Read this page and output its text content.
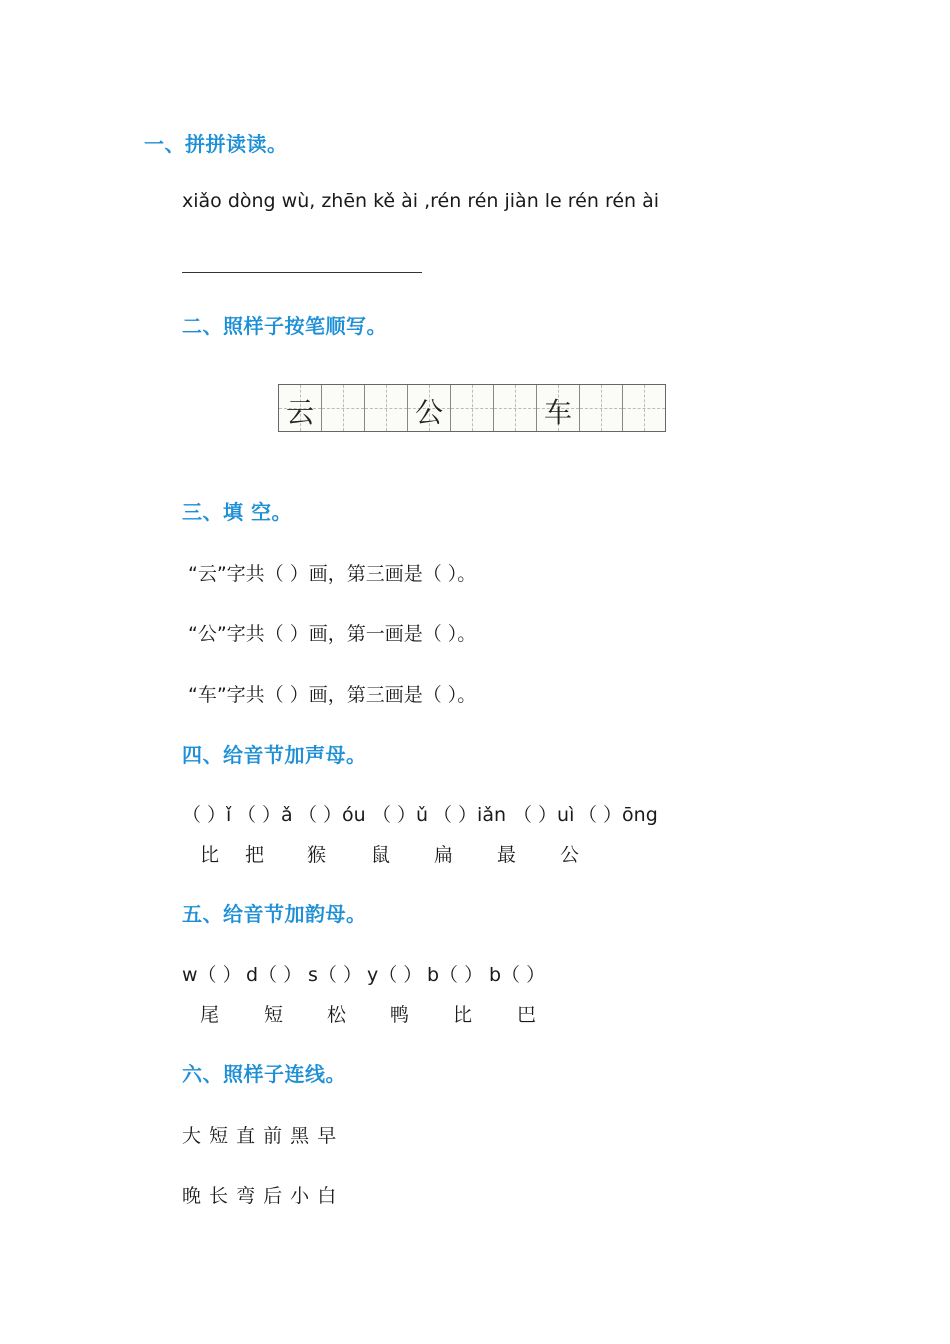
一、拼拼读读。
xiǎo dòng wù, zhēn kě ài ,rén rén jiàn le rén rén ài
二、照样子按笔顺写。
云	公	车
三、填 空。
“云”字共（ ）画，第三画是（ ）。
“公”字共（ ）画，第一画是（ ）。
“车”字共（ ）画，第三画是（ ）。
四、给音节加声母。
（ ）ǐ （ ）ǎ （ ）óu （ ）ǔ （ ）iǎn （ ）uì （ ）ōng
比 把 猴 鼠 扁 最 公
五、给音节加韵母。
w（ ） d（ ） s（ ） y（ ） b（ ） b（ ）
尾 短 松 鸭 比 巴
六、照样子连线。
大 短 直 前 黑 早
晚 长 弯 后 小 白
